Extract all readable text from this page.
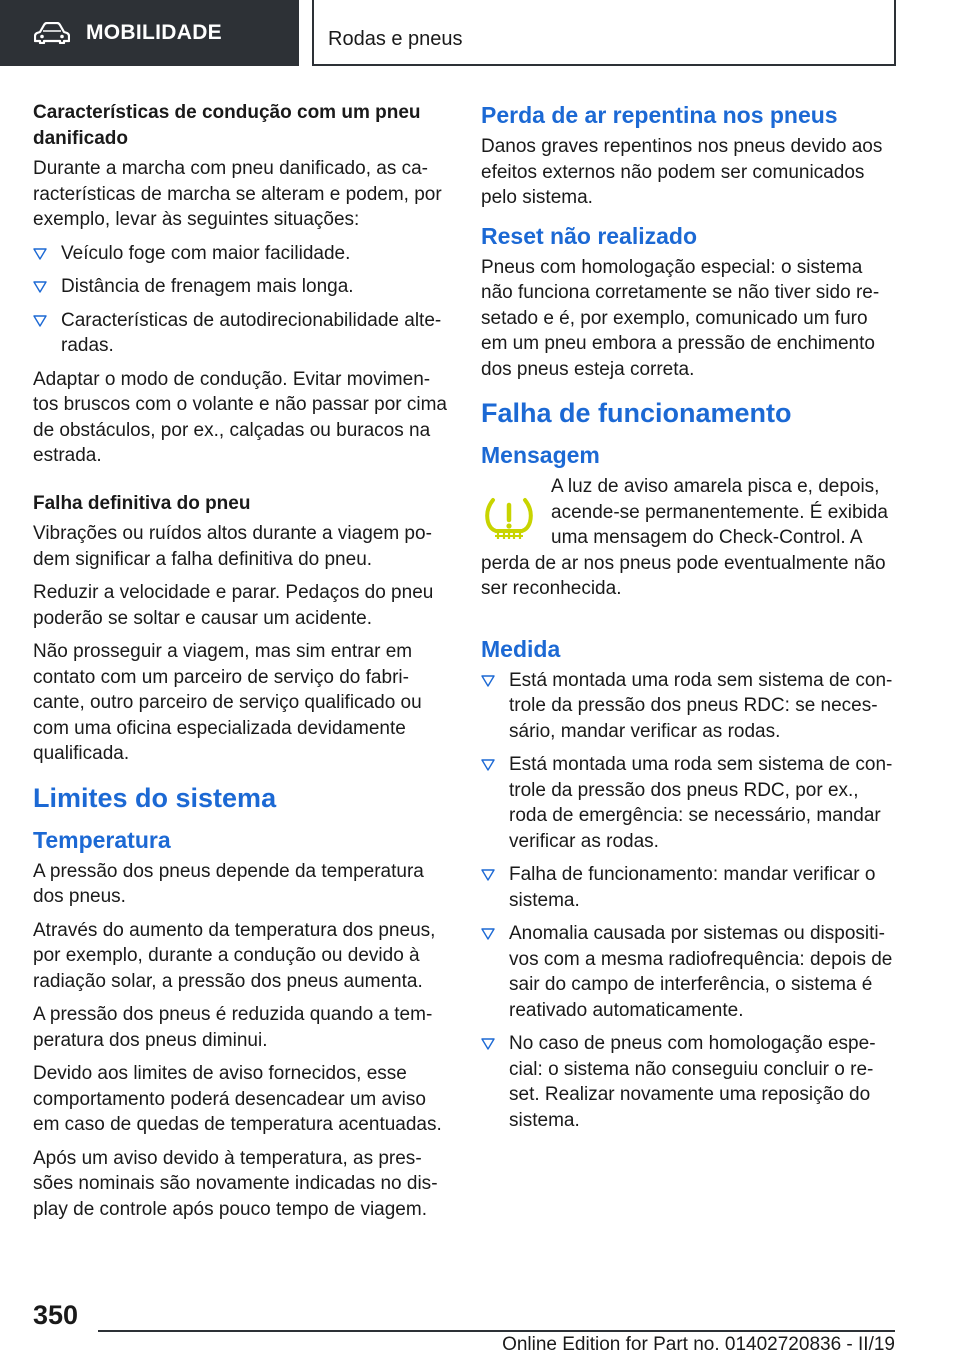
MOBILIDADE	Rodas e pneus
Características de condução com um pneu danificado

Durante a marcha com pneu danificado, as características de marcha se alteram e podem, por exemplo, levar às seguintes situações:

Veículo foge com maior facilidade.
Distância de frenagem mais longa.
Características de autodirecionabilidade alteradas.

Adaptar o modo de condução. Evitar movimentos bruscos com o volante e não passar por cima de obstáculos, por ex., calçadas ou buracos na estrada.

Falha definitiva do pneu

Vibrações ou ruídos altos durante a viagem podem significar a falha definitiva do pneu.

Reduzir a velocidade e parar. Pedaços do pneu poderão se soltar e causar um acidente.

Não prosseguir a viagem, mas sim entrar em contato com um parceiro de serviço do fabricante, outro parceiro de serviço qualificado ou com uma oficina especializada devidamente qualificada.

Limites do sistema
Temperatura

A pressão dos pneus depende da temperatura dos pneus.

Através do aumento da temperatura dos pneus, por exemplo, durante a condução ou devido à radiação solar, a pressão dos pneus aumenta.

A pressão dos pneus é reduzida quando a temperatura dos pneus diminui.

Devido aos limites de aviso fornecidos, esse comportamento poderá desencadear um aviso em caso de quedas de temperatura acentuadas.

Após um aviso devido à temperatura, as pressões nominais são novamente indicadas no display de controle após pouco tempo de viagem.

Perda de ar repentina nos pneus

Danos graves repentinos nos pneus devido aos efeitos externos não podem ser comunicados pelo sistema.

Reset não realizado

Pneus com homologação especial: o sistema não funciona corretamente se não tiver sido resetado e é, por exemplo, comunicado um furo em um pneu embora a pressão de enchimento dos pneus esteja correta.

Falha de funcionamento
Mensagem

A luz de aviso amarela pisca e, depois, acende-se permanentemente. É exibida uma mensagem do Check-Control. A perda de ar nos pneus pode eventualmente não ser reconhecida.

Medida
Está montada uma roda sem sistema de controle da pressão dos pneus RDC: se necessário, mandar verificar as rodas.
Está montada uma roda sem sistema de controle da pressão dos pneus RDC, por ex., roda de emergência: se necessário, mandar verificar as rodas.
Falha de funcionamento: mandar verificar o sistema.
Anomalia causada por sistemas ou dispositivos com a mesma radiofrequência: depois de sair do campo de interferência, o sistema é reativado automaticamente.
No caso de pneus com homologação especial: o sistema não conseguiu concluir o reset. Realizar novamente uma reposição do sistema.
350
Online Edition for Part no. 01402720836 - II/19
